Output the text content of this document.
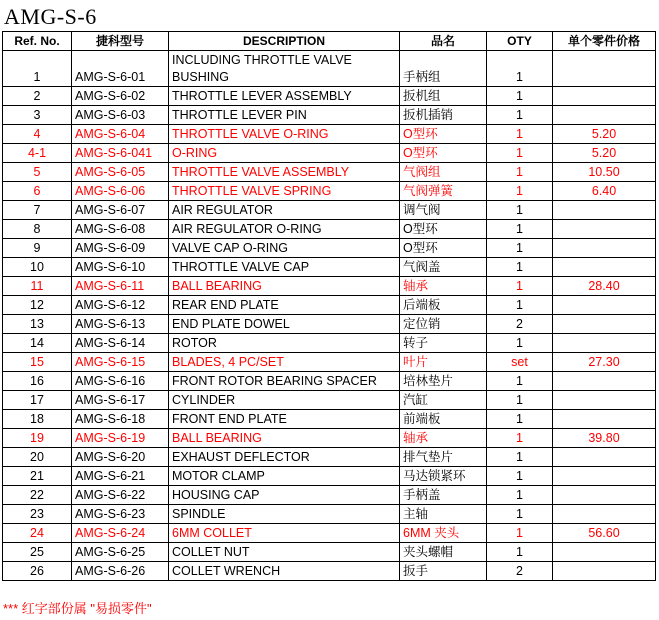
AMG-S-6
Ref. No.	捷科型号	DESCRIPTION	品名	OTY	单个零件价格
1	AMG-S-6-01	INCLUDING THROTTLE VALVE BUSHING	手柄组	1	
2	AMG-S-6-02	THROTTLE LEVER ASSEMBLY	扳机组	1	
3	AMG-S-6-03	THROTTLE LEVER PIN	扳机插销	1	
4	AMG-S-6-04	THROTTLE VALVE O-RING	O型环	1	5.20
4-1	AMG-S-6-041	O-RING	O型环	1	5.20
5	AMG-S-6-05	THROTTLE VALVE ASSEMBLY	气阀组	1	10.50
6	AMG-S-6-06	THROTTLE VALVE SPRING	气阀弹簧	1	6.40
7	AMG-S-6-07	AIR REGULATOR	调气阀	1	
8	AMG-S-6-08	AIR REGULATOR O-RING	O型环	1	
9	AMG-S-6-09	VALVE CAP O-RING	O型环	1	
10	AMG-S-6-10	THROTTLE VALVE CAP	气阀盖	1	
11	AMG-S-6-11	BALL BEARING	轴承	1	28.40
12	AMG-S-6-12	REAR END PLATE	后端板	1	
13	AMG-S-6-13	END PLATE DOWEL	定位销	2	
14	AMG-S-6-14	ROTOR	转子	1	
15	AMG-S-6-15	BLADES, 4 PC/SET	叶片	set	27.30
16	AMG-S-6-16	FRONT ROTOR BEARING SPACER	培林垫片	1	
17	AMG-S-6-17	CYLINDER	汽缸	1	
18	AMG-S-6-18	FRONT END PLATE	前端板	1	
19	AMG-S-6-19	BALL BEARING	轴承	1	39.80
20	AMG-S-6-20	EXHAUST DEFLECTOR	排气垫片	1	
21	AMG-S-6-21	MOTOR CLAMP	马达锁紧环	1	
22	AMG-S-6-22	HOUSING CAP	手柄盖	1	
23	AMG-S-6-23	SPINDLE	主轴	1	
24	AMG-S-6-24	6MM COLLET	6MM 夹头	1	56.60
25	AMG-S-6-25	COLLET NUT	夹头螺帽	1	
26	AMG-S-6-26	COLLET WRENCH	扳手	2	
*** 红字部份属 "易损零件"
